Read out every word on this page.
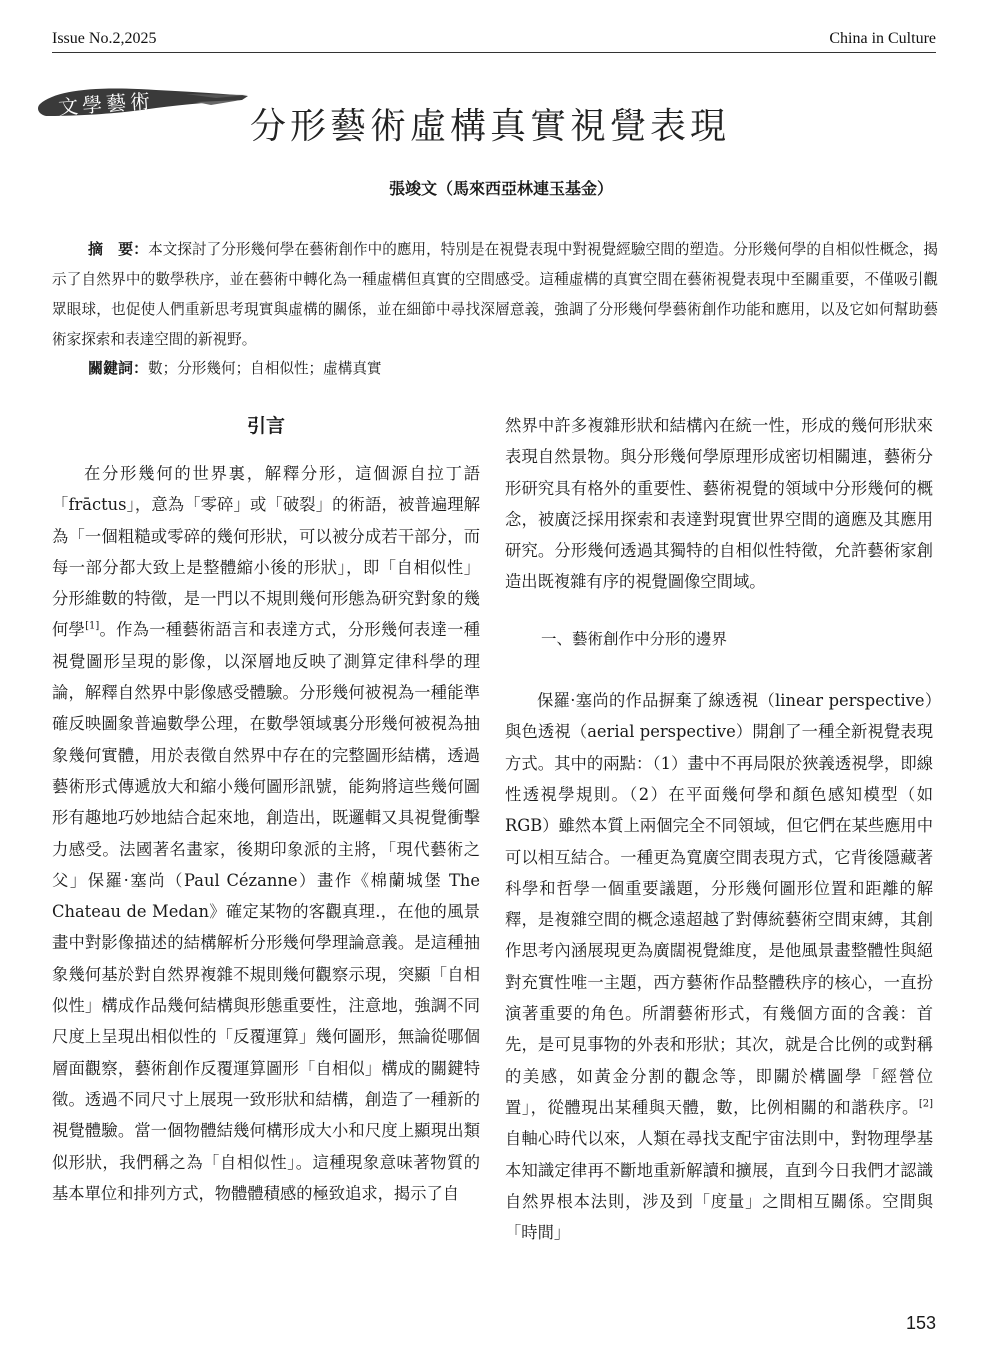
Issue No.2,2025	China in Culture
文學藝術
分形藝術虛構真實視覺表現
張竣文（馬來西亞林連玉基金）
摘　要：本文探討了分形幾何學在藝術創作中的應用，特別是在視覺表現中對視覺經驗空間的塑造。分形幾何學的自相似性概念，揭示了自然界中的數學秩序，並在藝術中轉化為一種虛構但真實的空間感受。這種虛構的真實空間在藝術視覺表現中至關重要，不僅吸引觀眾眼球，也促使人們重新思考現實與虛構的關係，並在細節中尋找深層意義，強調了分形幾何學藝術創作功能和應用，以及它如何幫助藝術家探索和表達空間的新視野。
關鍵詞：數；分形幾何；自相似性；虛構真實

引言

在分形幾何的世界裏，解釋分形，這個源自拉丁語「frāctus」，意為「零碎」或「破裂」的術語，被普遍理解為「一個粗糙或零碎的幾何形狀，可以被分成若干部分，而每一部分都大致上是整體縮小後的形狀」，即「自相似性」分形維數的特徵，是一門以不規則幾何形態為研究對象的幾何學[1]。作為一種藝術語言和表達方式，分形幾何表達一種視覺圖形呈現的影像，以深層地反映了測算定律科學的理論，解釋自然界中影像感受體驗。分形幾何被視為一種能準確反映圖象普遍數學公理，在數學領域裏分形幾何被視為抽象幾何實體，用於表徵自然界中存在的完整圖形結構，透過藝術形式傳遞放大和縮小幾何圖形訊號，能夠將這些幾何圖形有趣地巧妙地結合起來地，創造出，既邏輯又具視覺衝擊力感受。法國著名畫家，後期印象派的主將，「現代藝術之父」保羅·塞尚（Paul Cézanne）畫作《棉蘭城堡 The Chateau de Medan》確定某物的客觀真理.，在他的風景畫中對影像描述的結構解析分形幾何學理論意義。是這種抽象幾何基於對自然界複雜不規則幾何觀察示現，突顯「自相似性」構成作品幾何結構與形態重要性，注意地，強調不同尺度上呈現出相似性的「反覆運算」幾何圖形，無論從哪個層面觀察，藝術創作反覆運算圖形「自相似」構成的關鍵特徵。透過不同尺寸上展現一致形狀和結構，創造了一種新的視覺體驗。當一個物體結幾何構形成大小和尺度上顯現出類似形狀，我們稱之為「自相似性」。這種現象意味著物質的基本單位和排列方式，物體體積感的極致追求，揭示了自

然界中許多複雜形狀和結構內在統一性，形成的幾何形狀來表現自然景物。與分形幾何學原理形成密切相關連，藝術分形研究具有格外的重要性、藝術視覺的領域中分形幾何的概念，被廣泛採用探索和表達對現實世界空間的適應及其應用研究。分形幾何透過其獨特的自相似性特徵，允許藝術家創造出既複雜有序的視覺圖像空間域。

一、藝術創作中分形的邊界

保羅·塞尚的作品摒棄了線透視（linear perspective）與色透視（aerial perspective）開創了一種全新視覺表現方式。其中的兩點：（1）畫中不再局限於狹義透視學，即線性透視學規則。（2）在平面幾何學和顏色感知模型（如RGB）雖然本質上兩個完全不同領域，但它們在某些應用中可以相互結合。一種更為寬廣空間表現方式，它背後隱藏著科學和哲學一個重要議題，分形幾何圖形位置和距離的解釋，是複雜空間的概念遠超越了對傳統藝術空間束縛，其創作思考內涵展現更為廣闊視覺維度，是他風景畫整體性與絕對充實性唯一主題，西方藝術作品整體秩序的核心，一直扮演著重要的角色。所謂藝術形式，有幾個方面的含義：首先，是可見事物的外表和形狀；其次，就是合比例的或對稱的美感，如黃金分割的觀念等，即關於構圖學「經營位置」，從體現出某種與天體，數，比例相關的和諧秩序。[2]自軸心時代以來，人類在尋找支配宇宙法則中，對物理學基本知識定律再不斷地重新解讀和擴展，直到今日我們才認識自然界根本法則，涉及到「度量」之間相互關係。空間與「時間」

153
